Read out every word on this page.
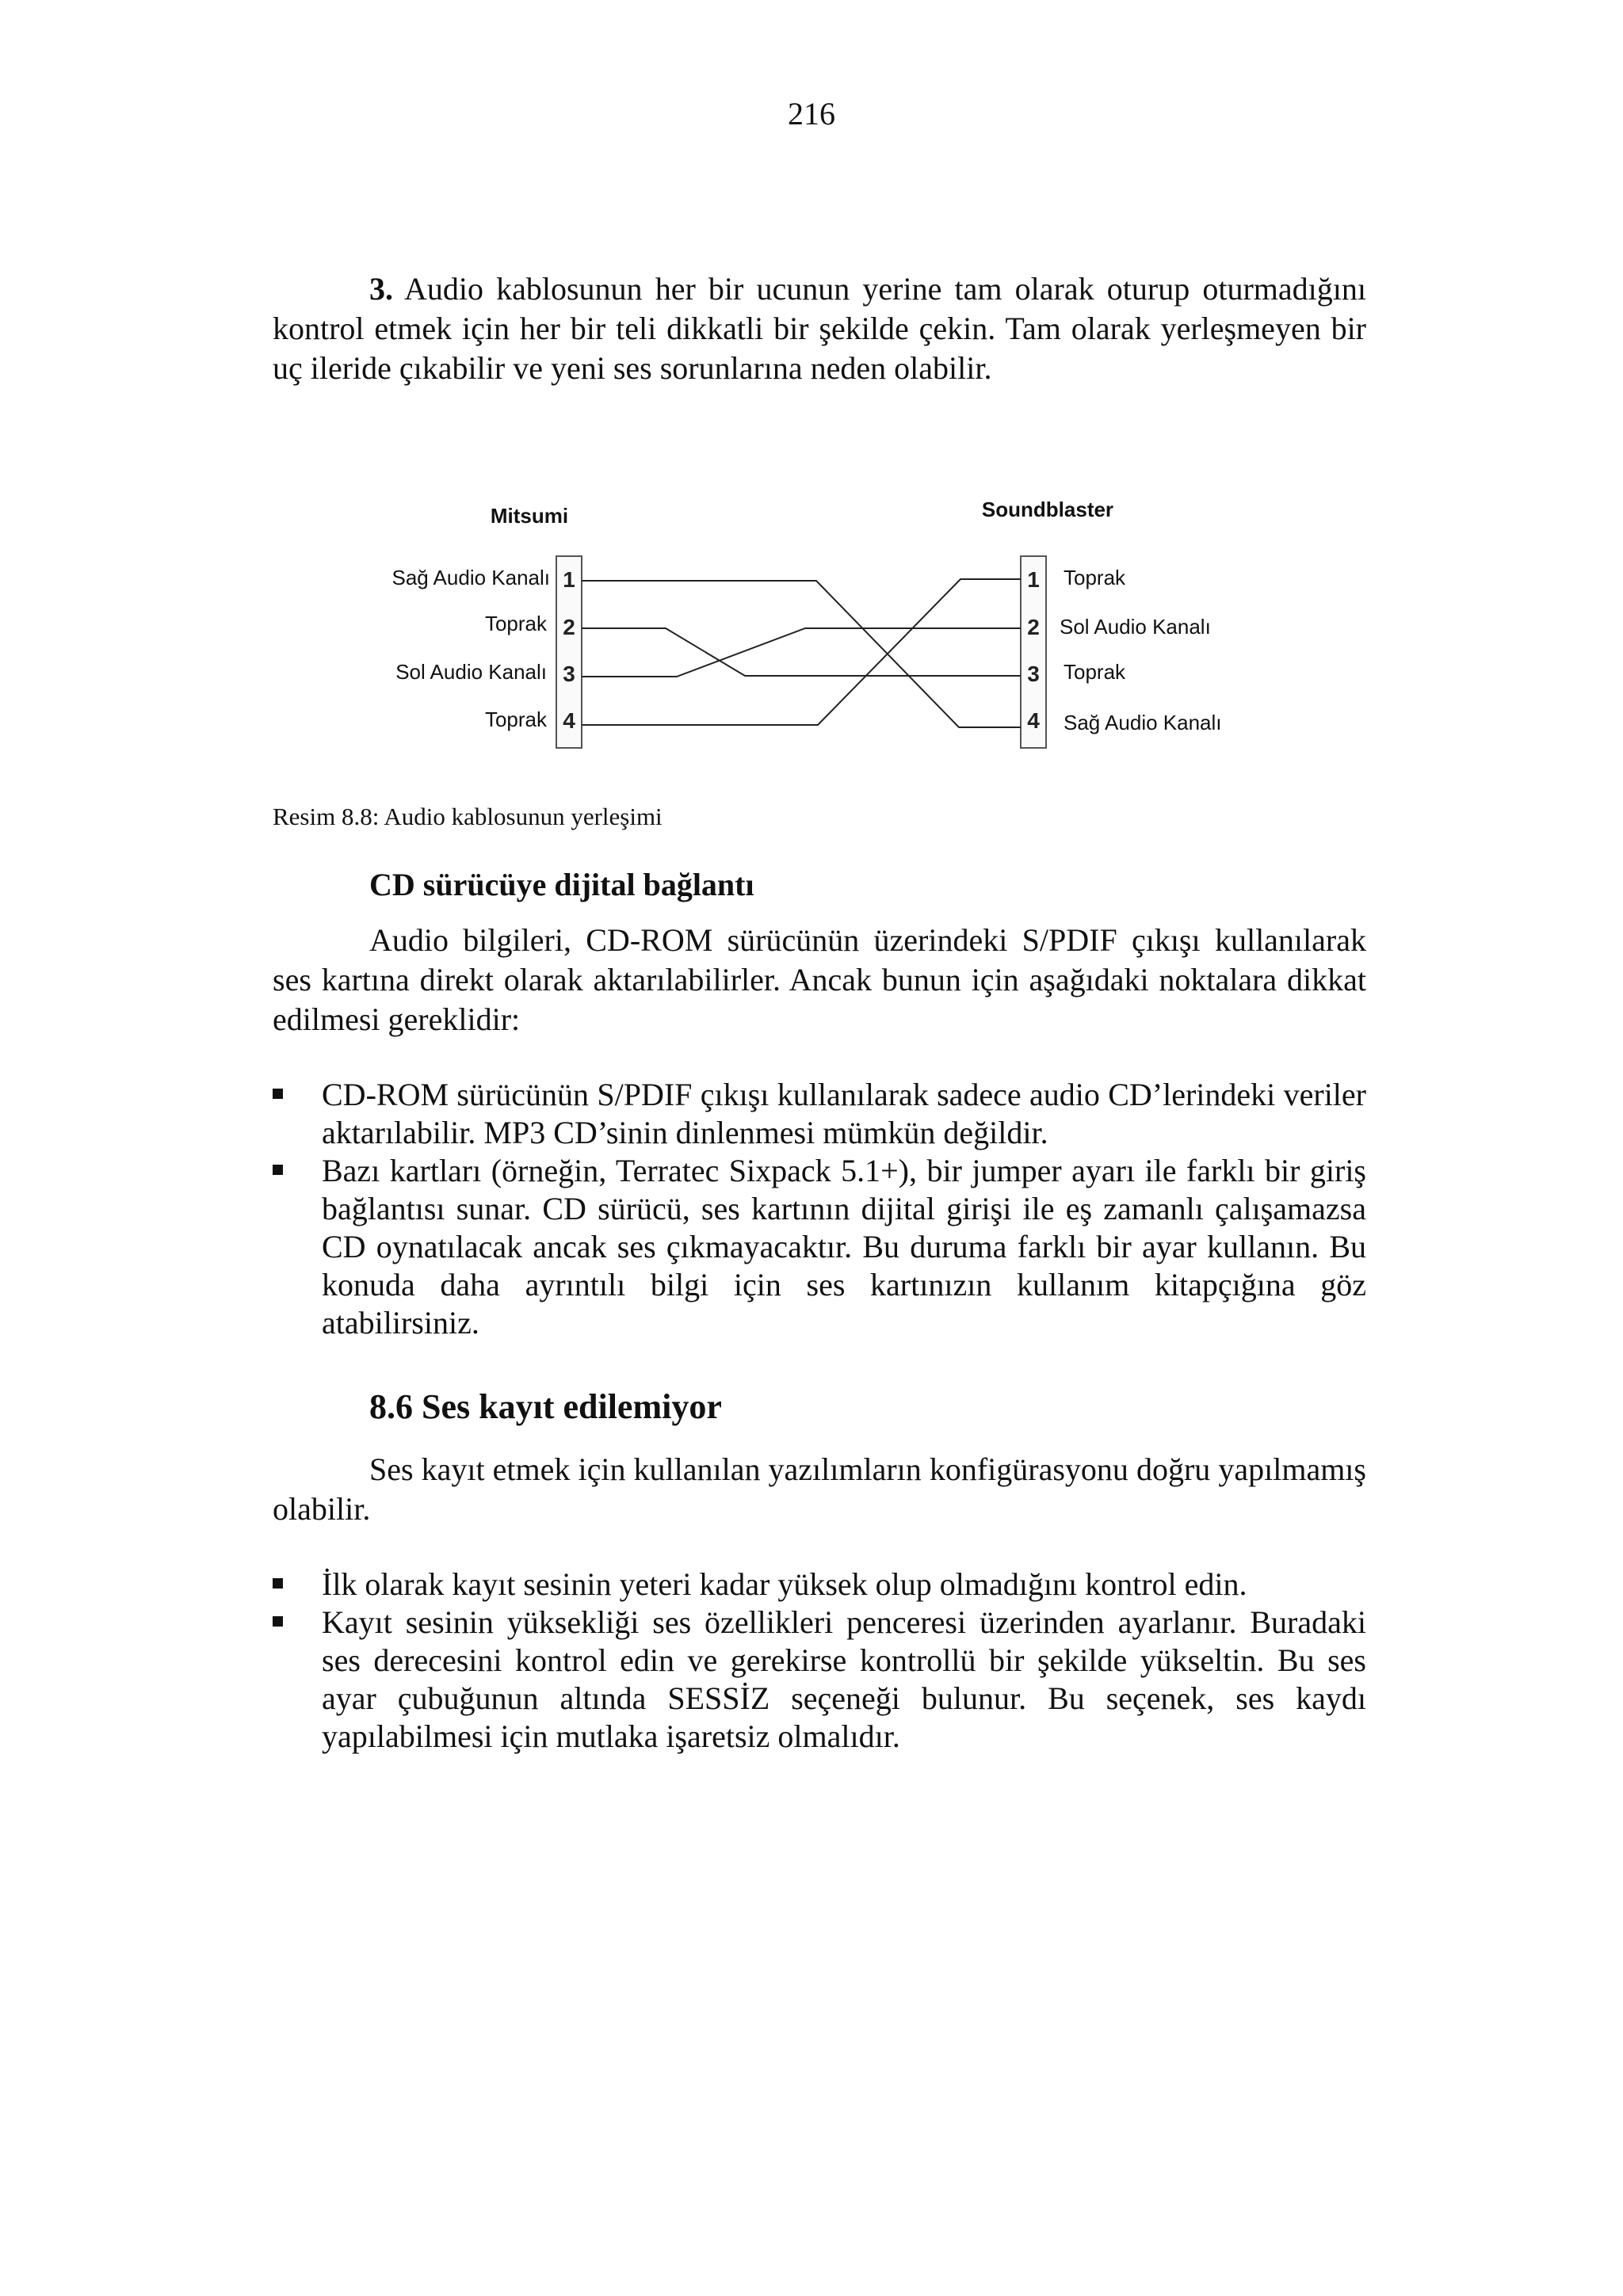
216
3. Audio kablosunun her bir ucunun yerine tam olarak oturup oturmadığını kontrol etmek için her bir teli dikkatli bir şekilde çekin. Tam olarak yerleşmeyen bir uç ileride çıkabilir ve yeni ses sorunlarına neden olabilir.
Mitsumi	Soundblaster
1
2
3
4
1
2
3
4
Sağ Audio Kanalı
Toprak
Sol Audio Kanalı
Toprak
Toprak
Sol Audio Kanalı
Toprak
Sağ Audio Kanalı
Resim 8.8: Audio kablosunun yerleşimi
CD sürücüye dijital bağlantı
Audio bilgileri, CD-ROM sürücünün üzerindeki S/PDIF çıkışı kullanılarak ses kartına direkt olarak aktarılabilirler. Ancak bunun için aşağıdaki noktalara dikkat edilmesi gereklidir:
CD-ROM sürücünün S/PDIF çıkışı kullanılarak sadece audio CD’lerindeki veriler aktarılabilir. MP3 CD’sinin dinlenmesi mümkün değildir.
Bazı kartları (örneğin, Terratec Sixpack 5.1+), bir jumper ayarı ile farklı bir giriş bağlantısı sunar. CD sürücü, ses kartının dijital girişi ile eş zamanlı çalışamazsa CD oynatılacak ancak ses çıkmayacaktır. Bu duruma farklı bir ayar kullanın. Bu konuda daha ayrıntılı bilgi için ses kartınızın kullanım kitapçığına göz atabilirsiniz.
8.6 Ses kayıt edilemiyor
Ses kayıt etmek için kullanılan yazılımların konfigürasyonu doğru yapılmamış olabilir.
İlk olarak kayıt sesinin yeteri kadar yüksek olup olmadığını kontrol edin.
Kayıt sesinin yüksekliği ses özellikleri penceresi üzerinden ayarlanır. Buradaki ses derecesini kontrol edin ve gerekirse kontrollü bir şekilde yükseltin. Bu ses ayar çubuğunun altında SESSİZ seçeneği bulunur. Bu seçenek, ses kaydı yapılabilmesi için mutlaka işaretsiz olmalıdır.
